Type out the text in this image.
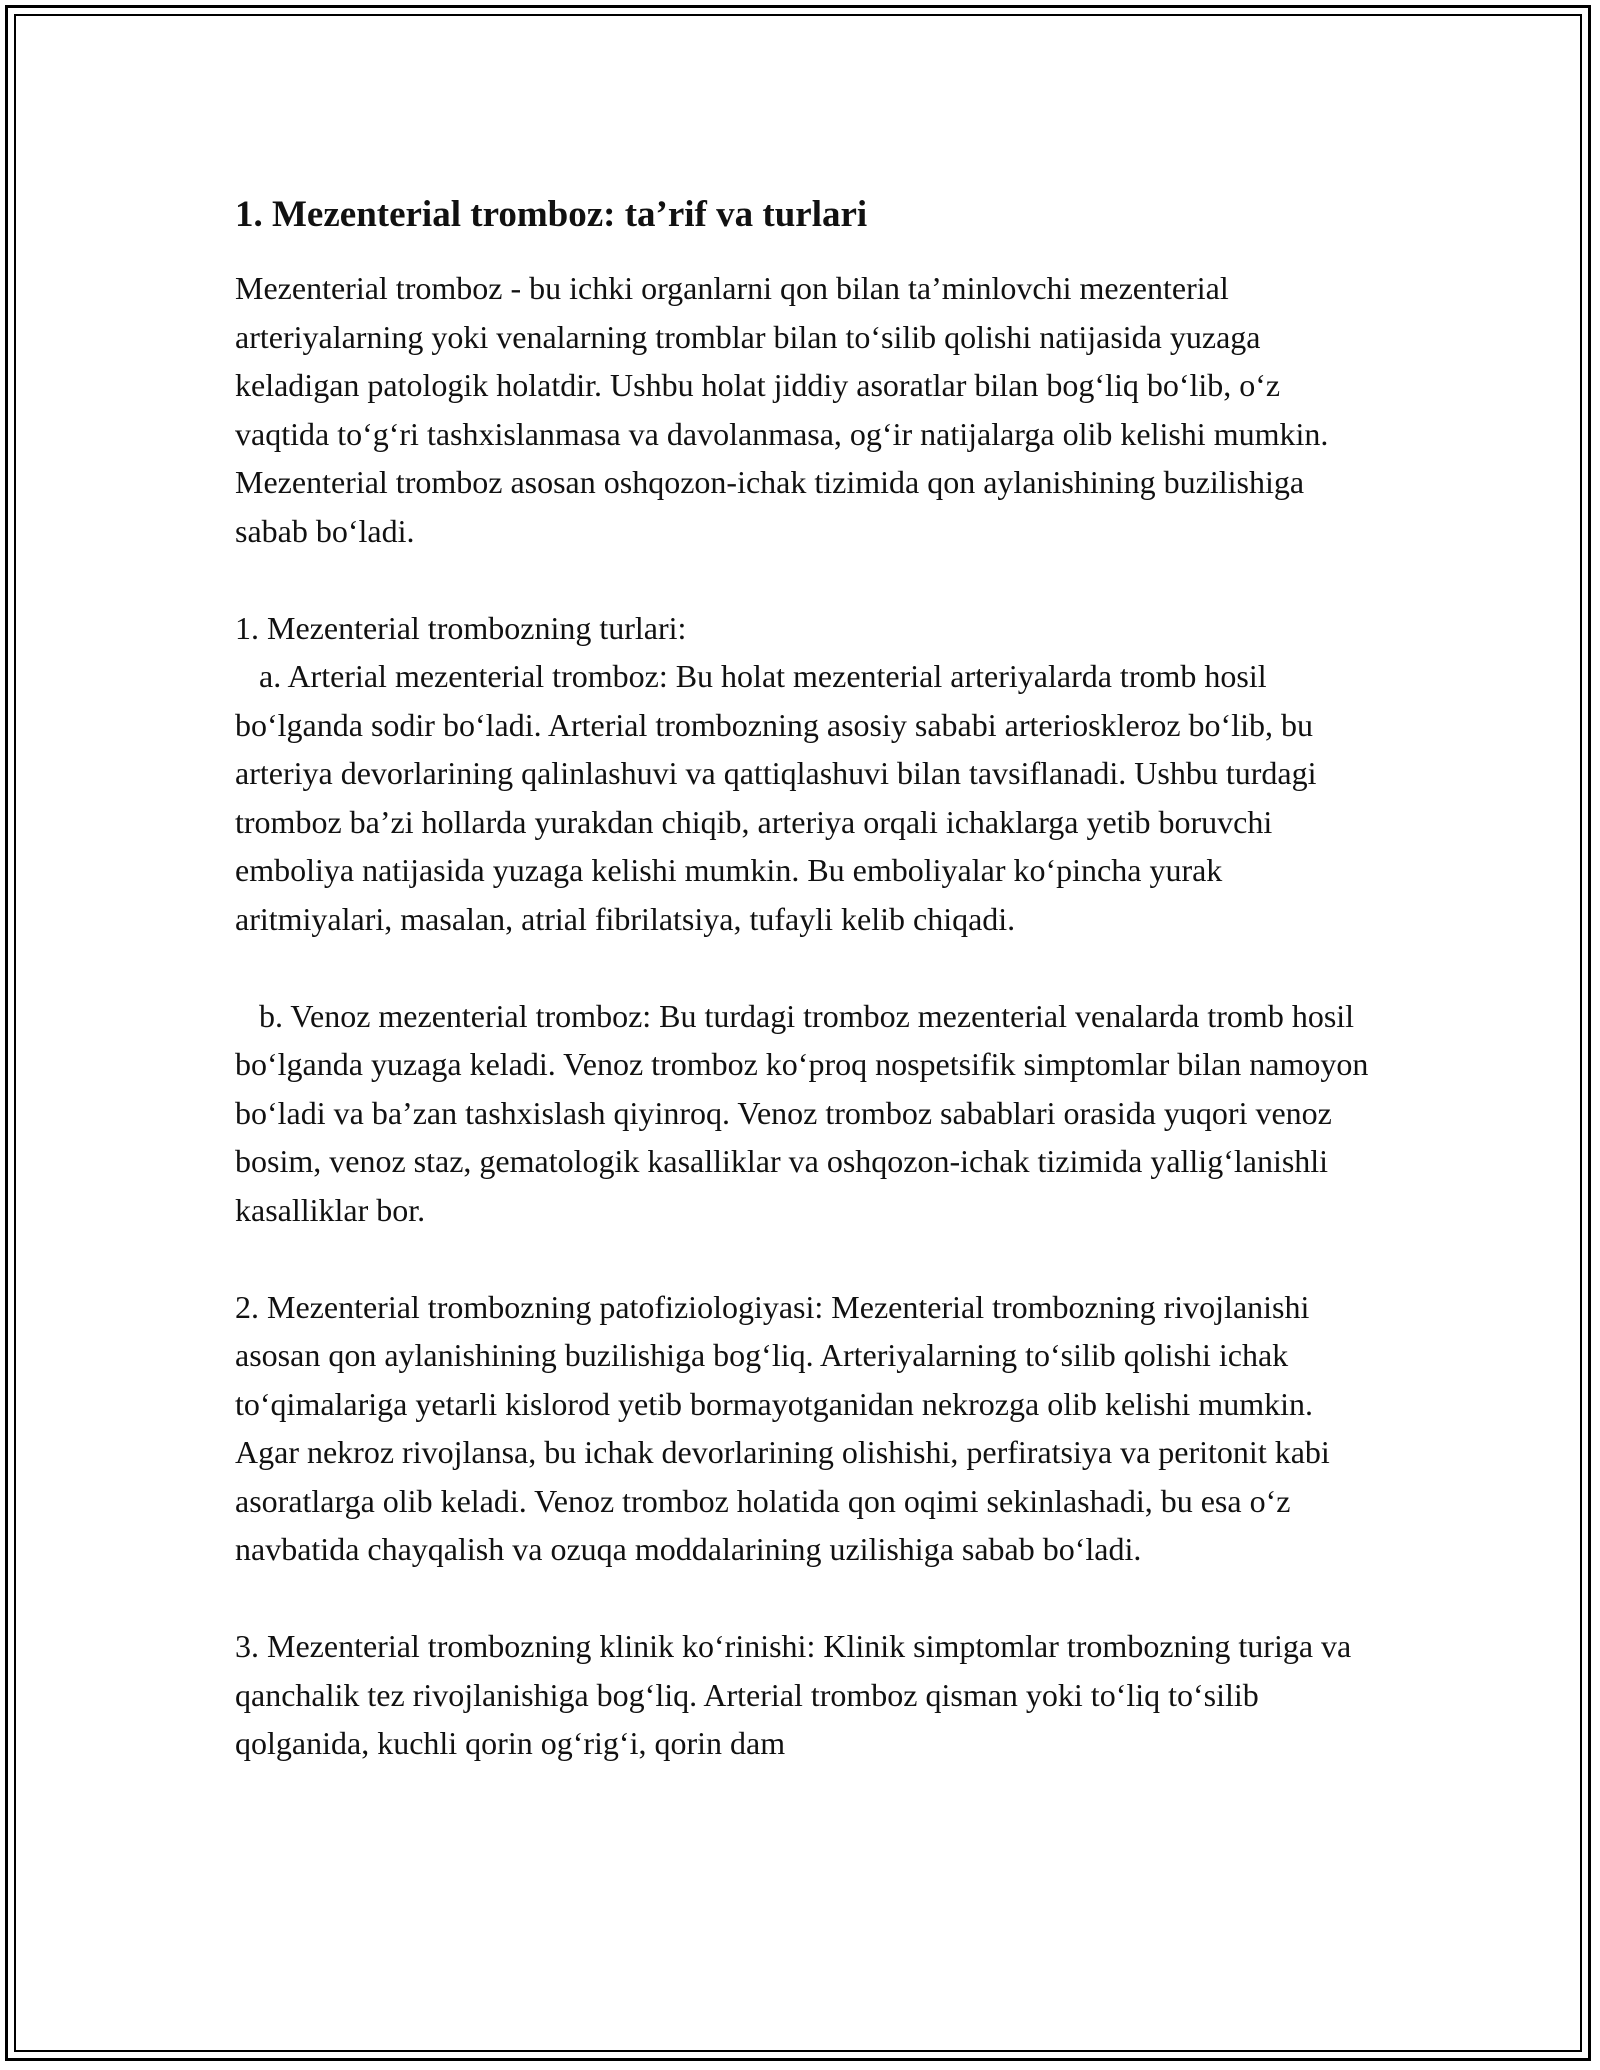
1. Mezenterial tromboz: ta’rif va turlari

Mezenterial tromboz - bu ichki organlarni qon bilan ta’minlovchi mezenterial arteriyalarning yoki venalarning tromblar bilan to‘silib qolishi natijasida yuzaga keladigan patologik holatdir. Ushbu holat jiddiy asoratlar bilan bog‘liq bo‘lib, o‘z vaqtida to‘g‘ri tashxislanmasa va davolanmasa, og‘ir natijalarga olib kelishi mumkin. Mezenterial tromboz asosan oshqozon-ichak tizimida qon aylanishining buzilishiga sabab bo‘ladi.

1. Mezenterial trombozning turlari:

a. Arterial mezenterial tromboz: Bu holat mezenterial arteriyalarda tromb hosil bo‘lganda sodir bo‘ladi. Arterial trombozning asosiy sababi arterioskleroz bo‘lib, bu arteriya devorlarining qalinlashuvi va qattiqlashuvi bilan tavsiflanadi. Ushbu turdagi tromboz ba’zi hollarda yurakdan chiqib, arteriya orqali ichaklarga yetib boruvchi emboliya natijasida yuzaga kelishi mumkin. Bu emboliyalar ko‘pincha yurak aritmiyalari, masalan, atrial fibrilatsiya, tufayli kelib chiqadi.

b. Venoz mezenterial tromboz: Bu turdagi tromboz mezenterial venalarda tromb hosil bo‘lganda yuzaga keladi. Venoz tromboz ko‘proq nospetsifik simptomlar bilan namoyon bo‘ladi va ba’zan tashxislash qiyinroq. Venoz tromboz sabablari orasida yuqori venoz bosim, venoz staz, gematologik kasalliklar va oshqozon-ichak tizimida yallig‘lanishli kasalliklar bor.

2. Mezenterial trombozning patofiziologiyasi: Mezenterial trombozning rivojlanishi asosan qon aylanishining buzilishiga bog‘liq. Arteriyalarning to‘silib qolishi ichak to‘qimalariga yetarli kislorod yetib bormayotganidan nekrozga olib kelishi mumkin. Agar nekroz rivojlansa, bu ichak devorlarining olishishi, perfiratsiya va peritonit kabi asoratlarga olib keladi. Venoz tromboz holatida qon oqimi sekinlashadi, bu esa o‘z navbatida chayqalish va ozuqa moddalarining uzilishiga sabab bo‘ladi.

3. Mezenterial trombozning klinik ko‘rinishi: Klinik simptomlar trombozning turiga va qanchalik tez rivojlanishiga bog‘liq. Arterial tromboz qisman yoki to‘liq to‘silib qolganida, kuchli qorin og‘rig‘i, qorin dam
